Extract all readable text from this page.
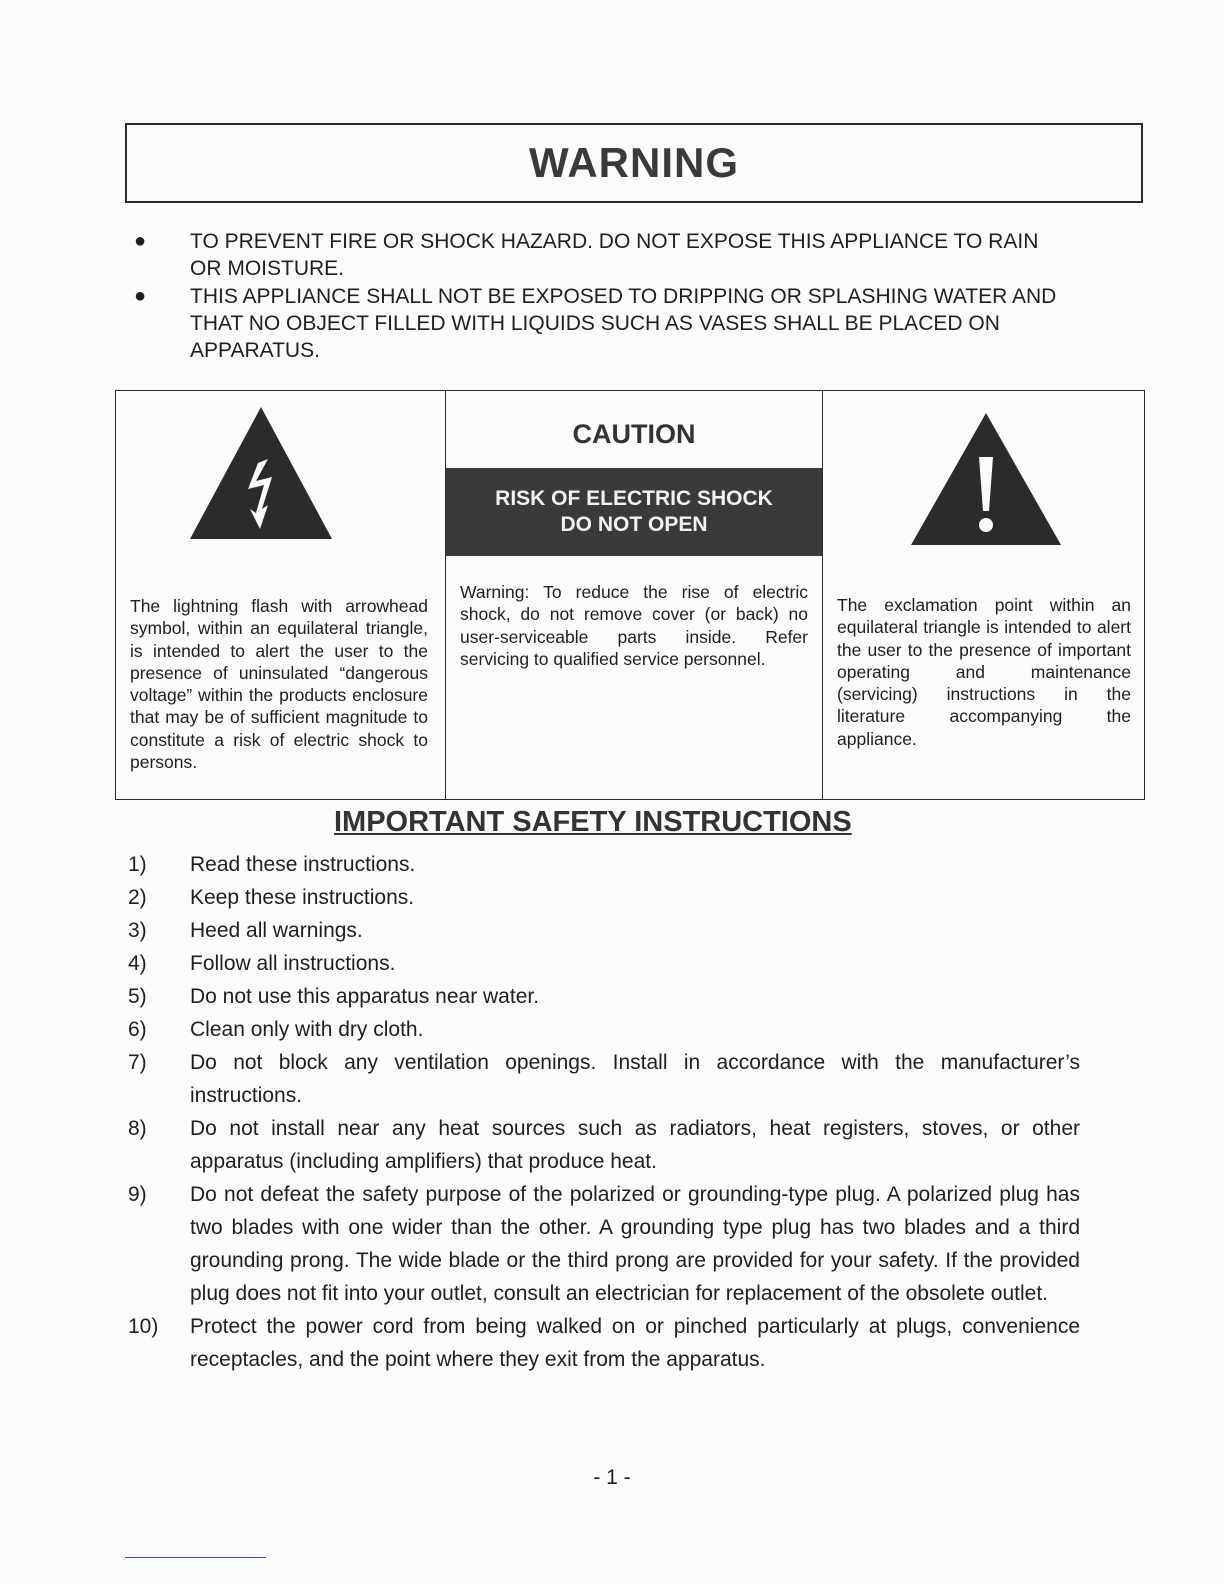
WARNING
● TO PREVENT FIRE OR SHOCK HAZARD. DO NOT EXPOSE THIS APPLIANCE TO RAIN OR MOISTURE.
● THIS APPLIANCE SHALL NOT BE EXPOSED TO DRIPPING OR SPLASHING WATER AND THAT NO OBJECT FILLED WITH LIQUIDS SUCH AS VASES SHALL BE PLACED ON APPARATUS.
The lightning flash with arrowhead symbol, within an equilateral triangle, is intended to alert the user to the presence of uninsulated “dangerous voltage” within the products enclosure that may be of sufficient magnitude to constitute a risk of electric shock to persons.
CAUTION
RISK OF ELECTRIC SHOCK
DO NOT OPEN
Warning: To reduce the rise of electric shock, do not remove cover (or back) no user-serviceable parts inside. Refer servicing to qualified service personnel.
The exclamation point within an equilateral triangle is intended to alert the user to the presence of important operating and maintenance (servicing) instructions in the literature accompanying the appliance.
IMPORTANT SAFETY INSTRUCTIONS
1) Read these instructions.
2) Keep these instructions.
3) Heed all warnings.
4) Follow all instructions.
5) Do not use this apparatus near water.
6) Clean only with dry cloth.
7) Do not block any ventilation openings. Install in accordance with the manufacturer’s instructions.
8) Do not install near any heat sources such as radiators, heat registers, stoves, or other apparatus (including amplifiers) that produce heat.
9) Do not defeat the safety purpose of the polarized or grounding-type plug. A polarized plug has two blades with one wider than the other. A grounding type plug has two blades and a third grounding prong. The wide blade or the third prong are provided for your safety. If the provided plug does not fit into your outlet, consult an electrician for replacement of the obsolete outlet.
10) Protect the power cord from being walked on or pinched particularly at plugs, convenience receptacles, and the point where they exit from the apparatus.
- 1 -
